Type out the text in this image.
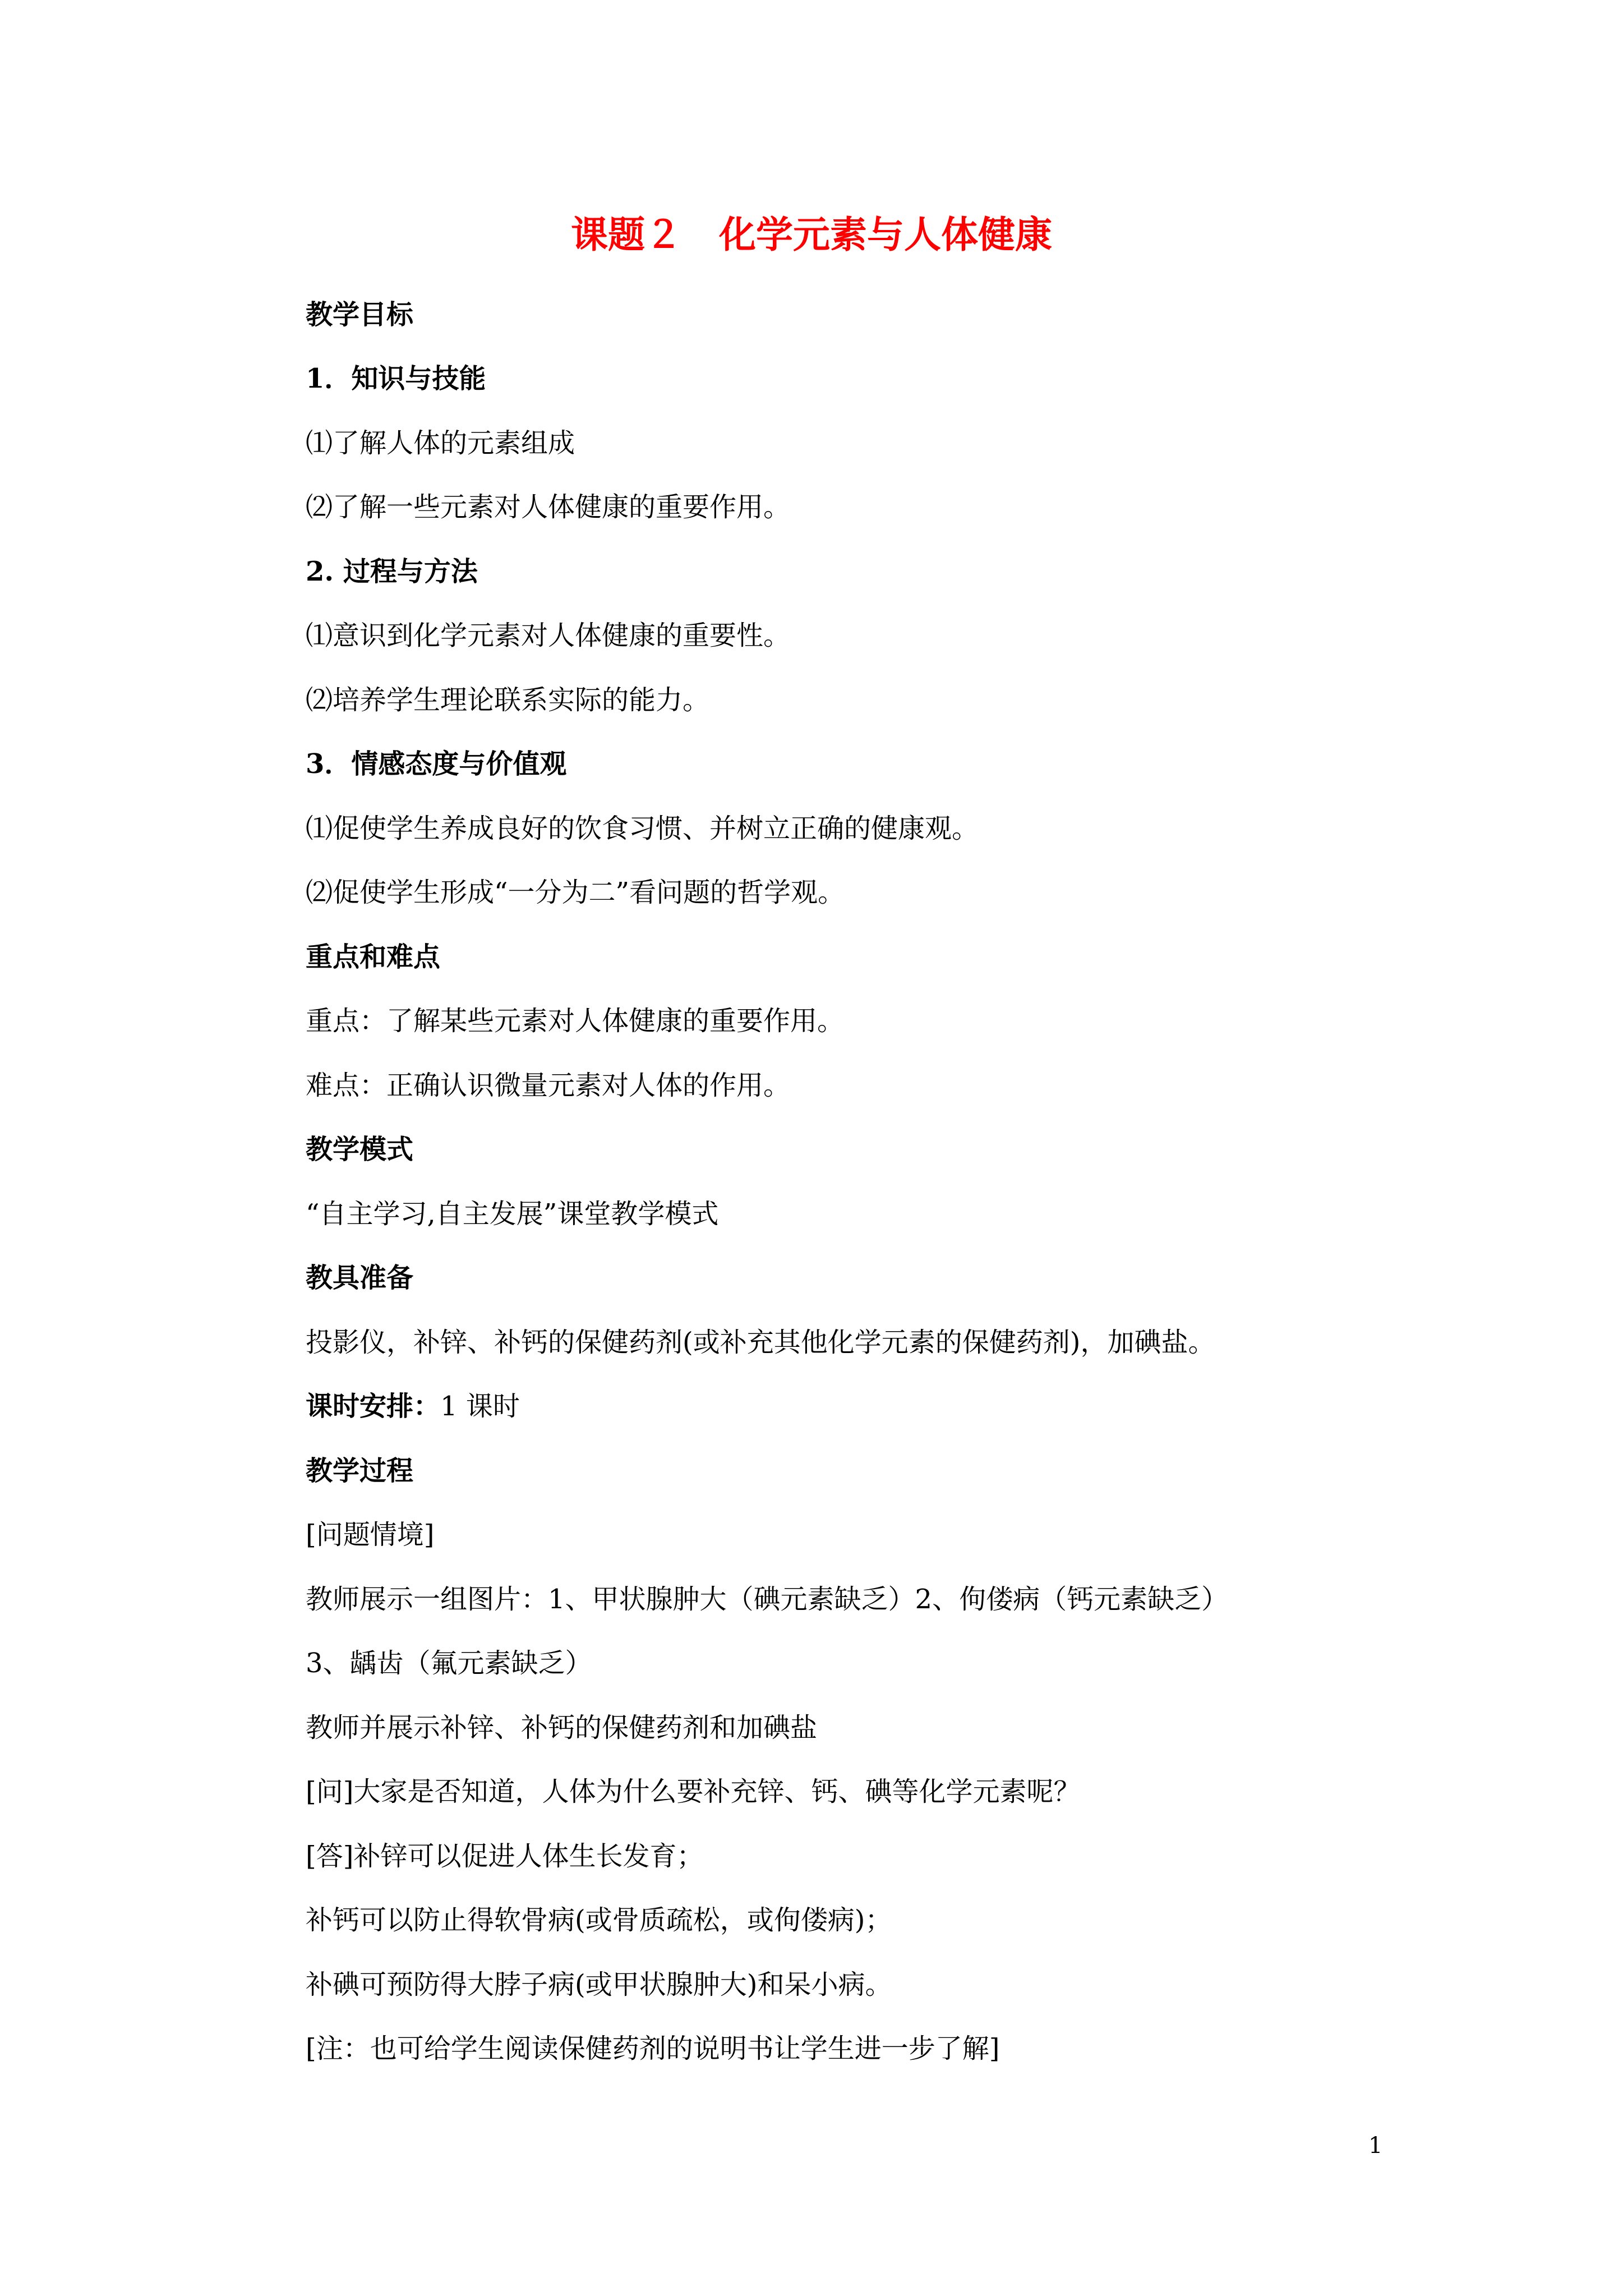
课题２　化学元素与人体健康
教学目标
1．知识与技能
⑴了解人体的元素组成
⑵了解一些元素对人体健康的重要作用。
2. 过程与方法
⑴意识到化学元素对人体健康的重要性。
⑵培养学生理论联系实际的能力。
3．情感态度与价值观
⑴促使学生养成良好的饮食习惯、并树立正确的健康观。
⑵促使学生形成“一分为二”看问题的哲学观。
重点和难点
重点：了解某些元素对人体健康的重要作用。
难点：正确认识微量元素对人体的作用。
教学模式
“自主学习,自主发展”课堂教学模式
教具准备
投影仪，补锌、补钙的保健药剂(或补充其他化学元素的保健药剂)，加碘盐。
课时安排：1 课时
教学过程
[问题情境]
教师展示一组图片：1、甲状腺肿大（碘元素缺乏）2、佝偻病（钙元素缺乏）
3、龋齿（氟元素缺乏）
教师并展示补锌、补钙的保健药剂和加碘盐
[问]大家是否知道，人体为什么要补充锌、钙、碘等化学元素呢？
[答]补锌可以促进人体生长发育；
补钙可以防止得软骨病(或骨质疏松，或佝偻病)；
补碘可预防得大脖子病(或甲状腺肿大)和呆小病。
[注：也可给学生阅读保健药剂的说明书让学生进一步了解]
1
